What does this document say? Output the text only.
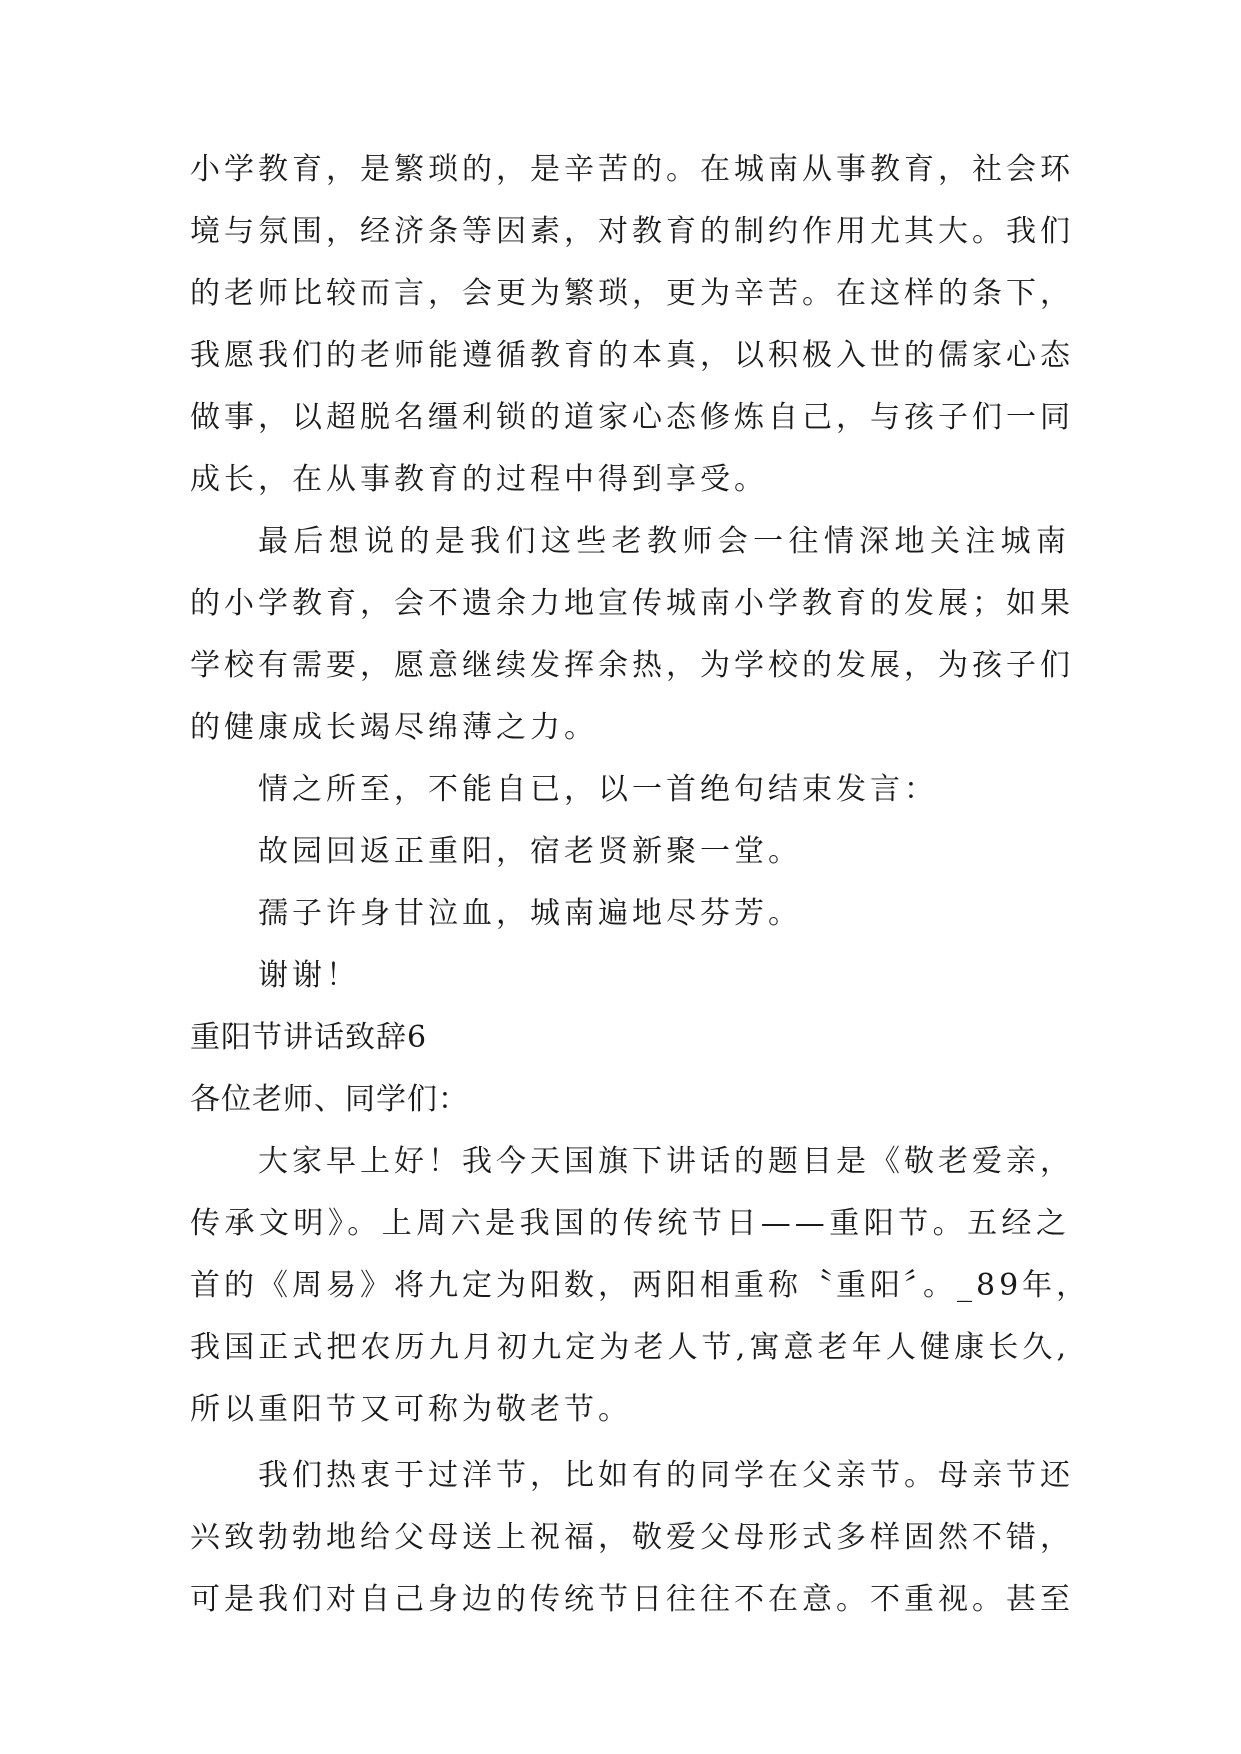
小学教育，是繁琐的，是辛苦的。在城南从事教育，社会环
境与氛围，经济条等因素，对教育的制约作用尤其大。我们
的老师比较而言，会更为繁琐，更为辛苦。在这样的条下，
我愿我们的老师能遵循教育的本真，以积极入世的儒家心态
做事，以超脱名缰利锁的道家心态修炼自己，与孩子们一同
成长，在从事教育的过程中得到享受。
最后想说的是我们这些老教师会一往情深地关注城南
的小学教育，会不遗余力地宣传城南小学教育的发展；如果
学校有需要，愿意继续发挥余热，为学校的发展，为孩子们
的健康成长竭尽绵薄之力。
情之所至，不能自已，以一首绝句结束发言：
故园回返正重阳，宿老贤新聚一堂。
孺子许身甘泣血，城南遍地尽芬芳。
谢谢！
重阳节讲话致辞6
各位老师、同学们：
大家早上好！我今天国旗下讲话的题目是《敬老爱亲，
传承文明》。上周六是我国的传统节日——重阳节。五经之
首的《周易》将九定为阳数，两阳相重称〝重阳〞。_89年，
我国正式把农历九月初九定为老人节,寓意老年人健康长久,
所以重阳节又可称为敬老节。
我们热衷于过洋节，比如有的同学在父亲节。母亲节还
兴致勃勃地给父母送上祝福，敬爱父母形式多样固然不错，
可是我们对自己身边的传统节日往往不在意。不重视。甚至
